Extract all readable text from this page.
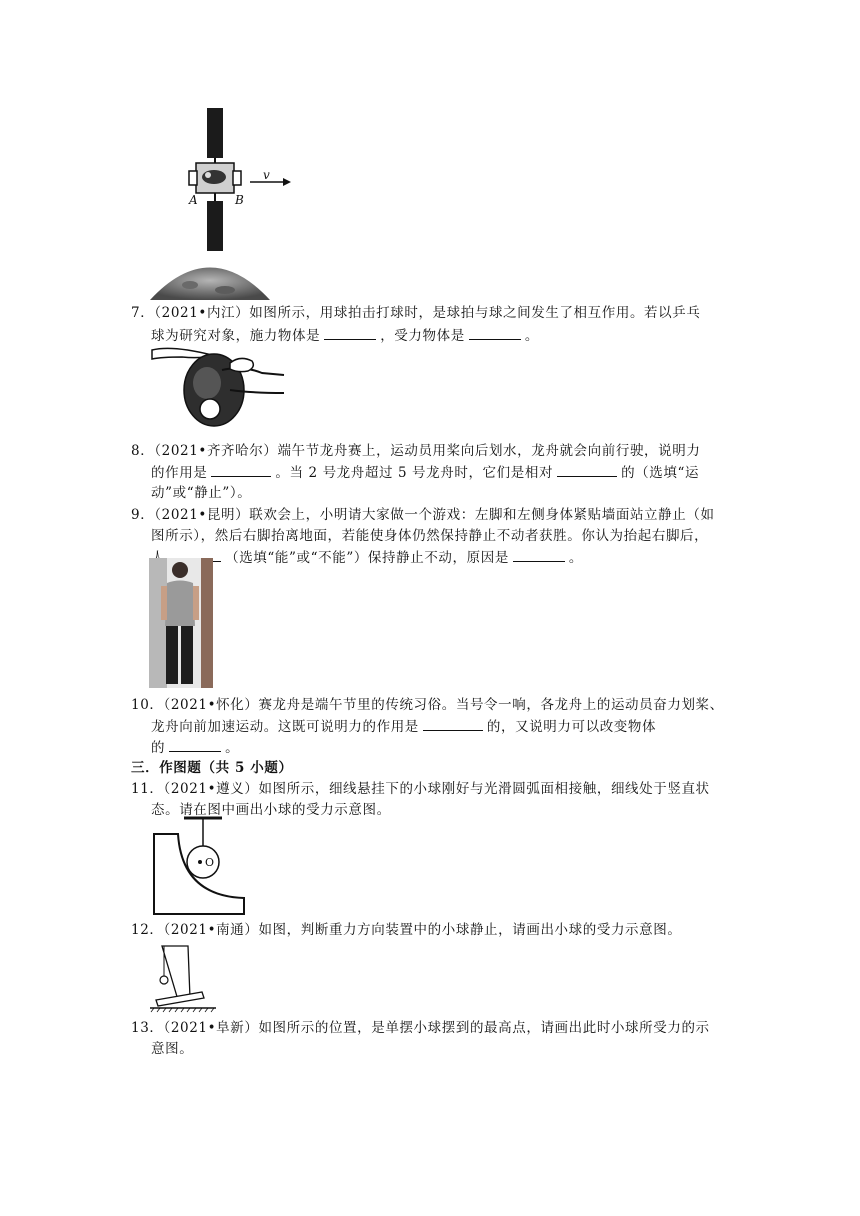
v
A	B
7．（2021•内江）如图所示，用球拍击打球时，是球拍与球之间发生了相互作用。若以乒乓
球为研究对象，施力物体是	，受力物体是	。
8．（2021•齐齐哈尔）端午节龙舟赛上，运动员用桨向后划水，龙舟就会向前行驶，说明力
的作用是	。当 2 号龙舟超过 5 号龙舟时，它们是相对	的（选填“运
动”或“静止”）。
9．（2021•昆明）联欢会上，小明请大家做一个游戏：左脚和左侧身体紧贴墙面站立静止（如
图所示），然后右脚抬离地面，若能使身体仍然保持静止不动者获胜。你认为抬起右脚后，
（选填“能”或“不能”）保持静止不动，原因是	。
10．（2021•怀化）赛龙舟是端午节里的传统习俗。当号令一响，各龙舟上的运动员奋力划桨、
龙舟向前加速运动。这既可说明力的作用是	的，又说明力可以改变物体
的	。
三．作图题（共 5 小题）
11．（2021•遵义）如图所示，细线悬挂下的小球刚好与光滑圆弧面相接触，细线处于竖直状
态。请在图中画出小球的受力示意图。
O
12．（2021•南通）如图，判断重力方向装置中的小球静止，请画出小球的受力示意图。
13．（2021•阜新）如图所示的位置，是单摆小球摆到的最高点，请画出此时小球所受力的示
意图。
